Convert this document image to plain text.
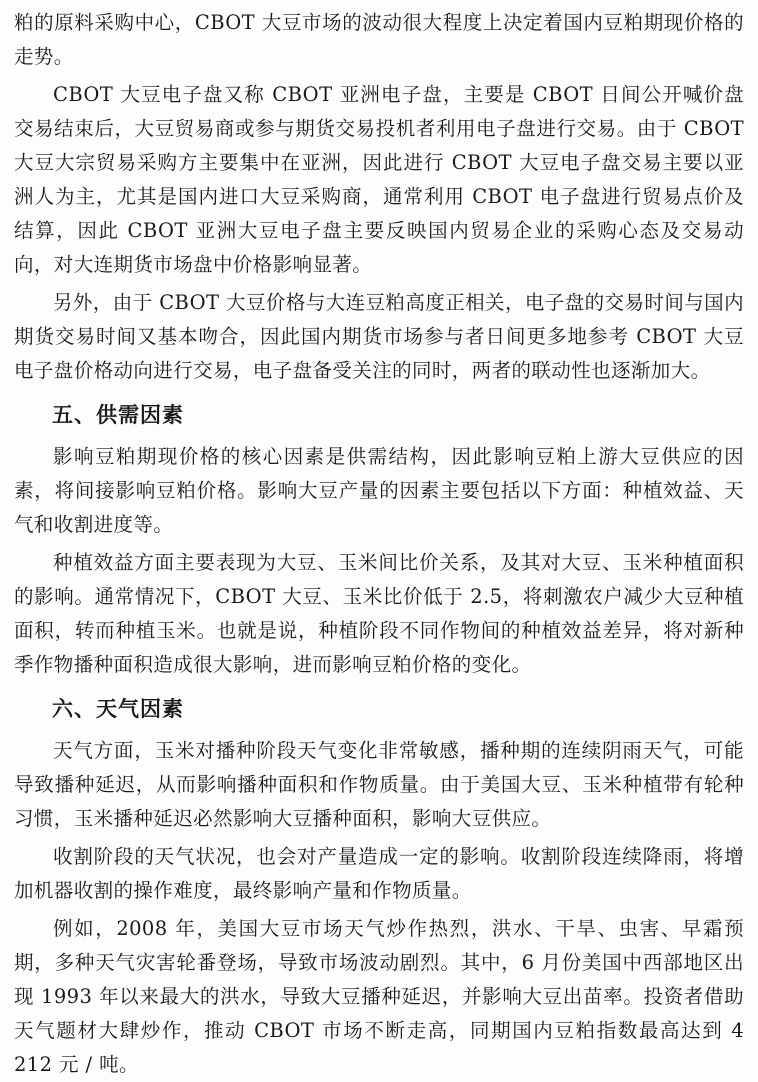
粕的原料采购中心，CBOT 大豆市场的波动很大程度上决定着国内豆粕期现价格的走势。

CBOT 大豆电子盘又称 CBOT 亚洲电子盘，主要是 CBOT 日间公开喊价盘交易结束后，大豆贸易商或参与期货交易投机者利用电子盘进行交易。由于 CBOT 大豆大宗贸易采购方主要集中在亚洲，因此进行 CBOT 大豆电子盘交易主要以亚洲人为主，尤其是国内进口大豆采购商，通常利用 CBOT 电子盘进行贸易点价及结算，因此 CBOT 亚洲大豆电子盘主要反映国内贸易企业的采购心态及交易动向，对大连期货市场盘中价格影响显著。

另外，由于 CBOT 大豆价格与大连豆粕高度正相关，电子盘的交易时间与国内期货交易时间又基本吻合，因此国内期货市场参与者日间更多地参考 CBOT 大豆电子盘价格动向进行交易，电子盘备受关注的同时，两者的联动性也逐渐加大。

五、供需因素

影响豆粕期现价格的核心因素是供需结构，因此影响豆粕上游大豆供应的因素，将间接影响豆粕价格。影响大豆产量的因素主要包括以下方面：种植效益、天气和收割进度等。

种植效益方面主要表现为大豆、玉米间比价关系，及其对大豆、玉米种植面积的影响。通常情况下，CBOT 大豆、玉米比价低于 2.5，将刺激农户减少大豆种植面积，转而种植玉米。也就是说，种植阶段不同作物间的种植效益差异，将对新种季作物播种面积造成很大影响，进而影响豆粕价格的变化。

六、天气因素

天气方面，玉米对播种阶段天气变化非常敏感，播种期的连续阴雨天气，可能导致播种延迟，从而影响播种面积和作物质量。由于美国大豆、玉米种植带有轮种习惯，玉米播种延迟必然影响大豆播种面积，影响大豆供应。

收割阶段的天气状况，也会对产量造成一定的影响。收割阶段连续降雨，将增加机器收割的操作难度，最终影响产量和作物质量。

例如，2008 年，美国大豆市场天气炒作热烈，洪水、干旱、虫害、早霜预期，多种天气灾害轮番登场，导致市场波动剧烈。其中，6 月份美国中西部地区出现 1993 年以来最大的洪水，导致大豆播种延迟，并影响大豆出苗率。投资者借助天气题材大肆炒作，推动 CBOT 市场不断走高，同期国内豆粕指数最高达到 4 212 元 / 吨。
